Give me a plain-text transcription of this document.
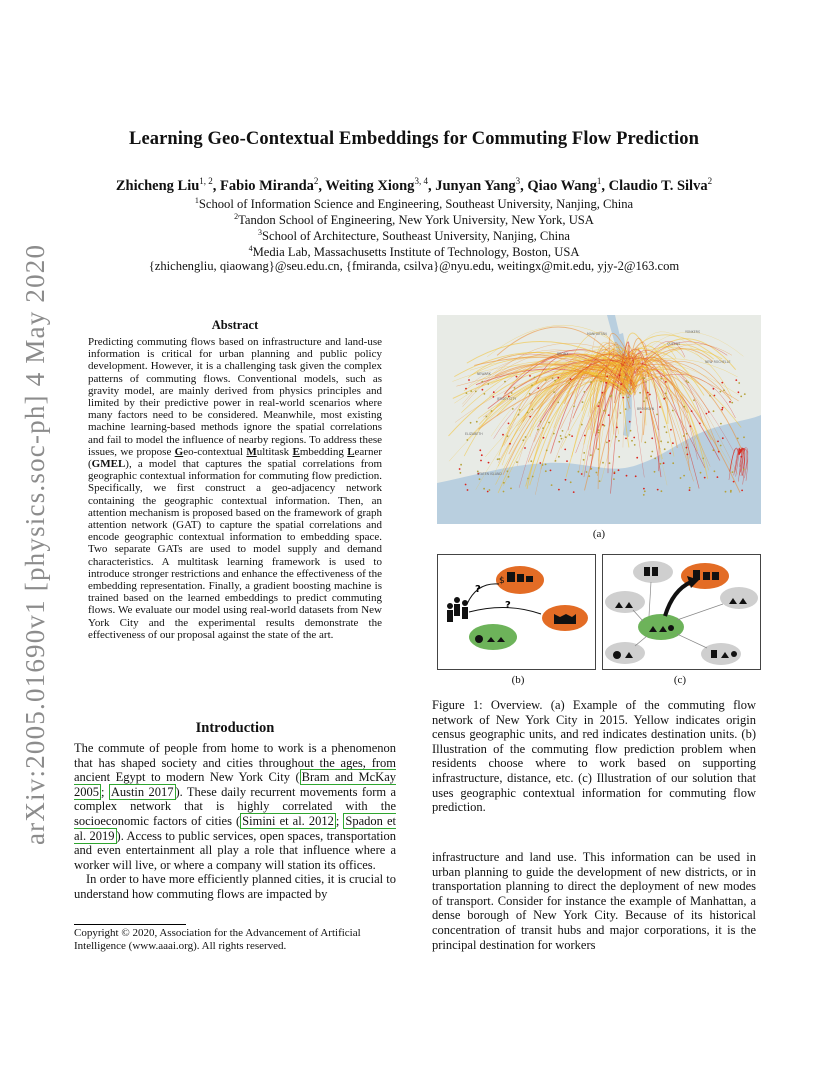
arXiv:2005.01690v1 [physics.soc-ph] 4 May 2020
Learning Geo-Contextual Embeddings for Commuting Flow Prediction
Zhicheng Liu$^{1, 2}$, Fabio Miranda$^2$, Weiting Xiong$^{3, 4}$, Junyan Yang$^3$, Qiao Wang$^1$, Claudio T. Silva$^2$
$^1$School of Information Science and Engineering, Southeast University, Nanjing, China
$^2$Tandon School of Engineering, New York University, New York, USA
$^3$School of Architecture, Southeast University, Nanjing, China
$^4$Media Lab, Massachusetts Institute of Technology, Boston, USA
{zhichengliu, qiaowang}@seu.edu.cn, {fmiranda, csilva}@nyu.edu, weitingx@mit.edu, yjy-2@163.com
Abstract
Predicting commuting flows based on infrastructure and land-use information is critical for urban planning and public policy development. However, it is a challenging task given the complex patterns of commuting flows. Conventional models, such as gravity model, are mainly derived from physics principles and limited by their predictive power in real-world scenarios where many factors need to be considered. Meanwhile, most existing machine learning-based methods ignore the spatial correlations and fail to model the influence of nearby regions. To address these issues, we propose Geo-contextual Multitask Embedding Learner (GMEL), a model that captures the spatial correlations from geographic contextual information for commuting flow prediction. Specifically, we first construct a geo-adjacency network containing the geographic contextual information. Then, an attention mechanism is proposed based on the framework of graph attention network (GAT) to capture the spatial correlations and encode geographic contextual information to embedding space. Two separate GATs are used to model supply and demand characteristics. A multitask learning framework is used to introduce stronger restrictions and enhance the effectiveness of the embedding representation. Finally, a gradient boosting machine is trained based on the learned embeddings to predict commuting flows. We evaluate our model using real-world datasets from New York City and the experimental results demonstrate the effectiveness of our proposal against the state of the art.
Introduction

The commute of people from home to work is a phenomenon that has shaped society and cities throughout the ages, from ancient Egypt to modern New York City ( Bram and McKay 2005 ; Austin 2017 ). These daily recurrent movements form a complex network that is highly correlated with the socioeconomic factors of cities ( Simini et al. 2012 ; Spadon et al. 2019 ). Access to public services, open spaces, transportation and even entertainment all play a role that influence where a worker will live, or where a company will station its offices.

In order to have more efficiently planned cities, it is crucial to understand how commuting flows are impacted by

Copyright © 2020, Association for the Advancement of Artificial Intelligence (www.aaai.org). All rights reserved.
MANHATTAN
BROOKLYN
QUEENS
BRONX
NEWARK
ELIZABETH
JERSEY CITY
YONKERS
NEW ROCHELLE
STATEN ISLAND
(a)
$
?
?
(b)	(c)
Figure 1: Overview. (a) Example of the commuting flow network of New York City in 2015. Yellow indicates origin census geographic units, and red indicates destination units. (b) Illustration of the commuting flow prediction problem when residents choose where to work based on supporting infrastructure, distance, etc. (c) Illustration of our solution that uses geographic contextual information for commuting flow prediction.
infrastructure and land use. This information can be used in urban planning to guide the development of new districts, or in transportation planning to direct the deployment of new modes of transport. Consider for instance the example of Manhattan, a dense borough of New York City. Because of its historical concentration of transit hubs and major corporations, it is the principal destination for workers
